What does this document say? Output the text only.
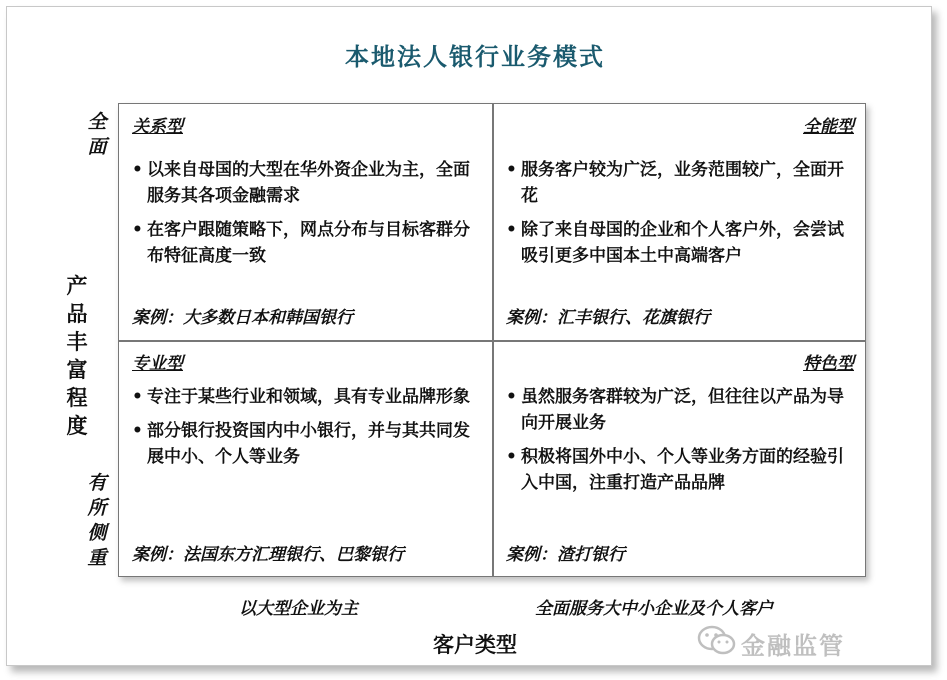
本地法人银行业务模式
全面
产品丰富程度
有所侧重
关系型
• 以来自母国的大型在华外资企业为主，全面服务其各项金融需求
• 在客户跟随策略下，网点分布与目标客群分布特征高度一致
案例：大多数日本和韩国银行
全能型
• 服务客户较为广泛，业务范围较广，全面开花
• 除了来自母国的企业和个人客户外，会尝试吸引更多中国本土中高端客户
案例：汇丰银行、花旗银行
专业型
• 专注于某些行业和领域，具有专业品牌形象
• 部分银行投资国内中小银行，并与其共同发展中小、个人等业务
案例：法国东方汇理银行、巴黎银行
特色型
• 虽然服务客群较为广泛，但往往以产品为导向开展业务
• 积极将国外中小、个人等业务方面的经验引入中国，注重打造产品品牌
案例：渣打银行
以大型企业为主	全面服务大中小企业及个人客户
客户类型	金融监管
